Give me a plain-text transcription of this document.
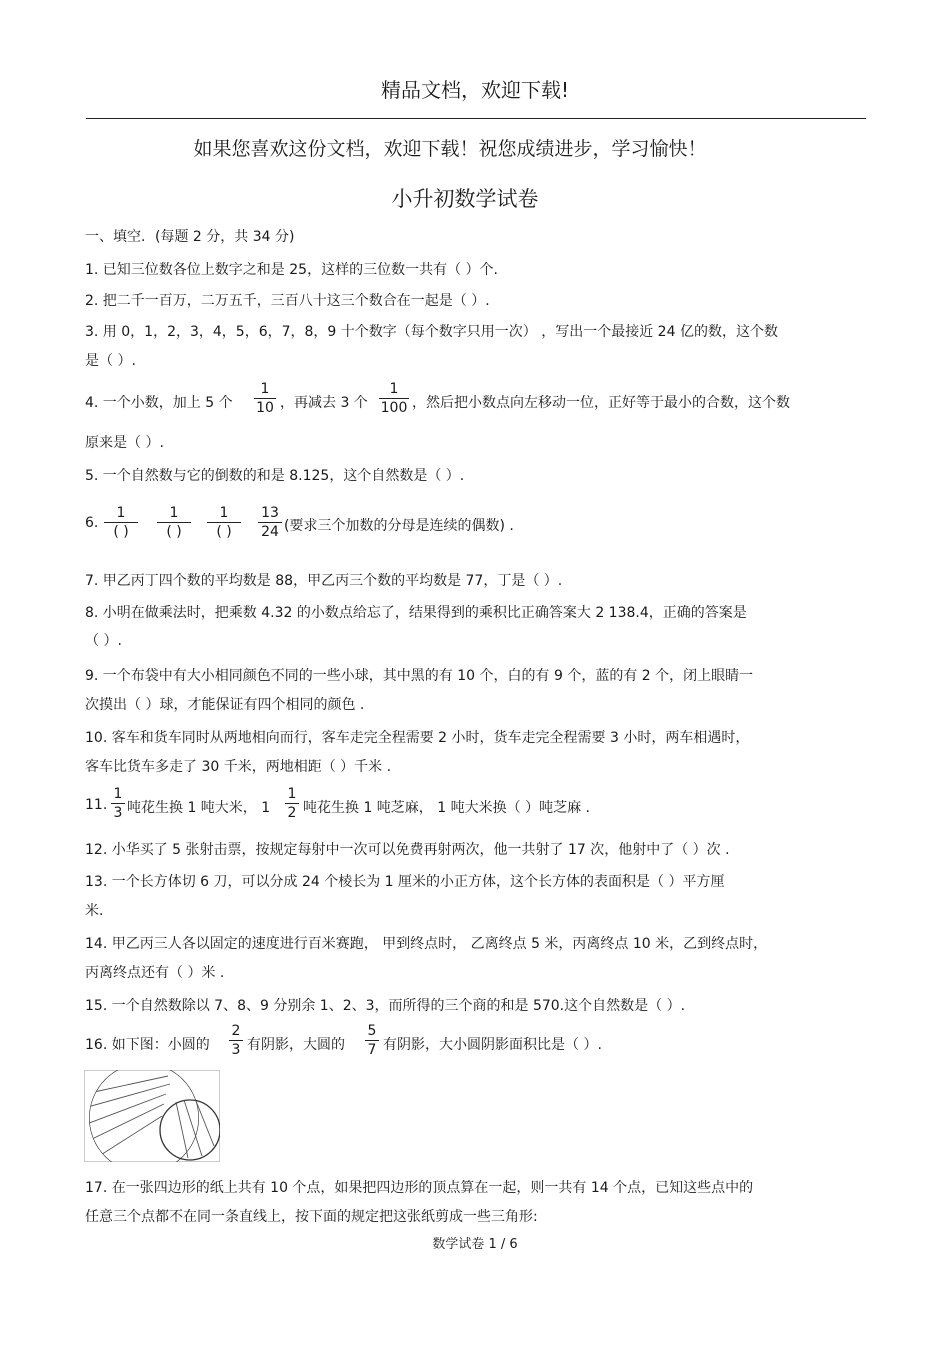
精品文档，欢迎下载!
如果您喜欢这份文档，欢迎下载！祝您成绩进步，学习愉快！
小升初数学试卷
一、填空．(每题 2 分，共 34 分)
1. 已知三位数各位上数字之和是 25，这样的三位数一共有（ ）个.
2. 把二千一百万，二万五千，三百八十这三个数合在一起是（ ）.
3. 用 0，1，2，3，4，5，6，7，8，9 十个数字（每个数字只用一次） ，写出一个最接近 24 亿的数，这个数
是（ ）.
4. 一个小数，加上 5 个
1
10 ，再减去 3 个
1
100 ，然后把小数点向左移动一位，正好等于最小的合数，这个数
原来是（ ）.
5. 一个自然数与它的倒数的和是 8.125，这个自然数是（ ）.
6.
1
( )
1
( )
1
( )
13
24 (要求三个加数的分母是连续的偶数) .
7. 甲乙丙丁四个数的平均数是 88，甲乙丙三个数的平均数是 77，丁是（ ）.
8. 小明在做乘法时，把乘数 4.32 的小数点给忘了，结果得到的乘积比正确答案大 2 138.4，正确的答案是
（ ）.
9. 一个布袋中有大小相同颜色不同的一些小球，其中黑的有 10 个，白的有 9 个，蓝的有 2 个，闭上眼睛一
次摸出（ ）球，才能保证有四个相同的颜色 .
10. 客车和货车同时从两地相向而行，客车走完全程需要 2 小时，货车走完全程需要 3 小时，两车相遇时，
客车比货车多走了 30 千米，两地相距（ ）千米 .
11.
1
3 吨花生换 1 吨大米， 1
1
2 吨花生换 1 吨芝麻， 1 吨大米换（ ）吨芝麻 .
12. 小华买了 5 张射击票，按规定每射中一次可以免费再射两次，他一共射了 17 次，他射中了（ ）次 .
13. 一个长方体切 6 刀，可以分成 24 个棱长为 1 厘米的小正方体，这个长方体的表面积是（ ）平方厘
米.
14. 甲乙丙三人各以固定的速度进行百米赛跑， 甲到终点时， 乙离终点 5 米，丙离终点 10 米，乙到终点时，
丙离终点还有（ ）米 .
15. 一个自然数除以 7、8、9 分别余 1、2、3，而所得的三个商的和是 570.这个自然数是（ ）.
16. 如下图：小圆的
2
3 有阴影，大圆的
5
7 有阴影，大小圆阴影面积比是（ ）.
17. 在一张四边形的纸上共有 10 个点，如果把四边形的顶点算在一起，则一共有 14 个点，已知这些点中的
任意三个点都不在同一条直线上，按下面的规定把这张纸剪成一些三角形:
数学试卷 1 / 6
